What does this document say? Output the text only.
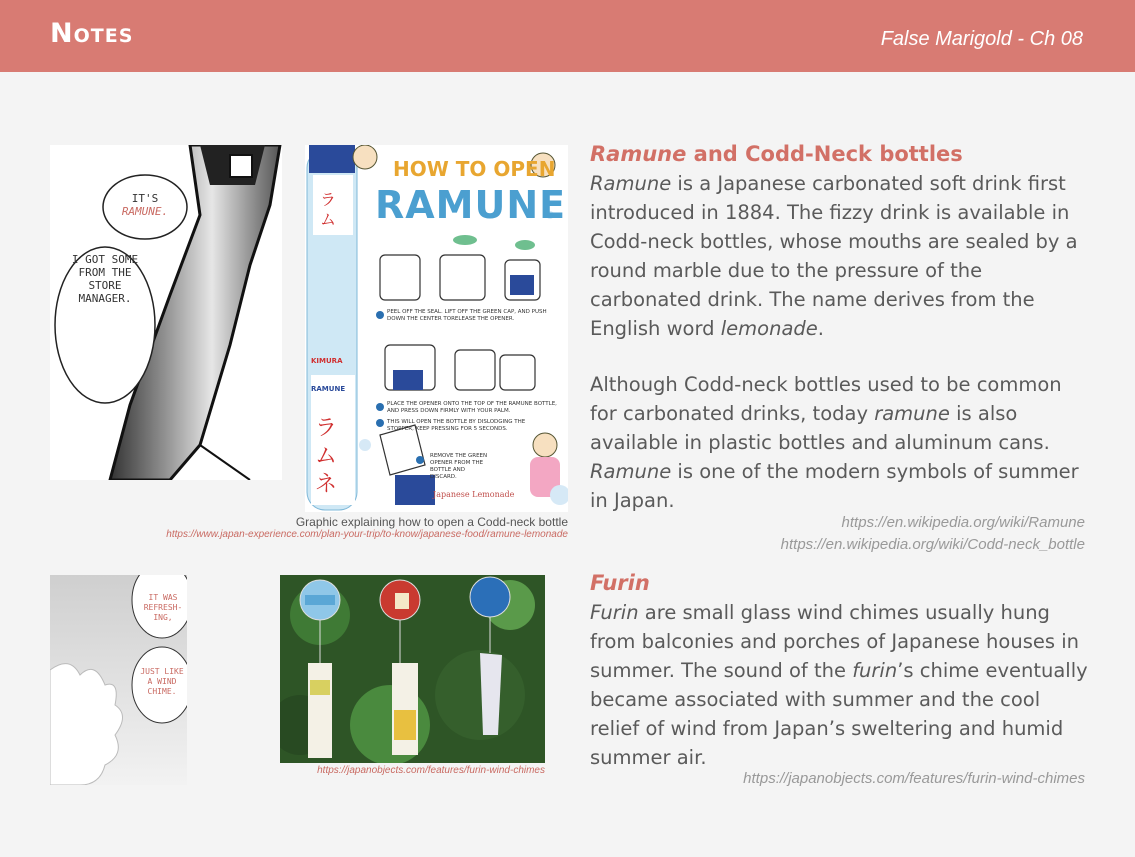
Notes	False Marigold - Ch 08
IT'S
RAMUNE.
I GOT SOME FROM THE STORE MANAGER.
ラ
ム
ラ
ム
ネ
HOW TO OPEN
RAMUNE
PEEL OFF THE SEAL. LIFT OFF THE GREEN CAP, AND PUSH DOWN THE CENTER TORELEASE THE OPENER.
PLACE THE OPENER ONTO THE TOP OF THE RAMUNE BOTTLE, AND PRESS DOWN FIRMLY WITH YOUR PALM.
THIS WILL OPEN THE BOTTLE BY DISLODGING THE STOPPER, KEEP PRESSING FOR 5 SECONDS.
REMOVE THE GREEN OPENER FROM THE BOTTLE AND DISCARD.
KIMURA
RAMUNE
Japanese Lemonade
Graphic explaining how to open a Codd-neck bottle
https://www.japan-experience.com/plan-your-trip/to-know/japanese-food/ramune-lemonade
Ramune and Codd-Neck bottles
Ramune is a Japanese carbonated soft drink first introduced in 1884. The fizzy drink is available in Codd-neck bottles, whose mouths are sealed by a round marble due to the pressure of the carbonated drink. The name derives from the English word lemonade.
Although Codd-neck bottles used to be common for carbonated drinks, today ramune is also available in plastic bottles and aluminum cans. Ramune is one of the modern symbols of summer in Japan.
https://en.wikipedia.org/wiki/Ramune
https://en.wikipedia.org/wiki/Codd-neck_bottle
IT WAS REFRESH-ING,
JUST LIKE A WIND CHIME.
https://japanobjects.com/features/furin-wind-chimes
Furin
Furin are small glass wind chimes usually hung from balconies and porches of Japanese houses in summer. The sound of the furin’s chime eventually became associated with summer and the cool relief of wind from Japan’s sweltering and humid summer air.
https://japanobjects.com/features/furin-wind-chimes
